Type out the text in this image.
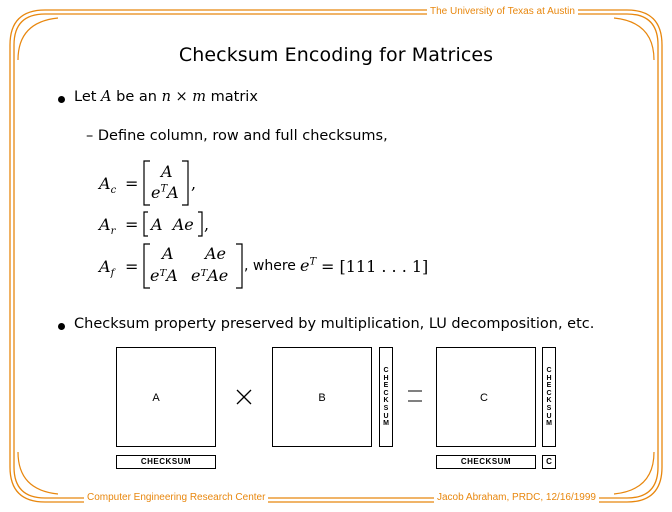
The University of Texas at Austin
Computer Engineering Research Center	Jacob Abraham, PRDC, 12/16/1999
Checksum Encoding for Matrices
Let A be an n × m matrix
– Define column, row and full checksums,
$A_c$ =
A
$e^TA$ ,
$A_r = A$  Ae ,
$A_f$ =
A Ae
eᵀA eᵀAe , where $e^T = [111$ . . . 1]
Checksum property preserved by multiplication, LU decomposition, etc.
A
CHECKSUM
B
CHECKSUM
C
CHECKSUM
CHECKSUM	C
